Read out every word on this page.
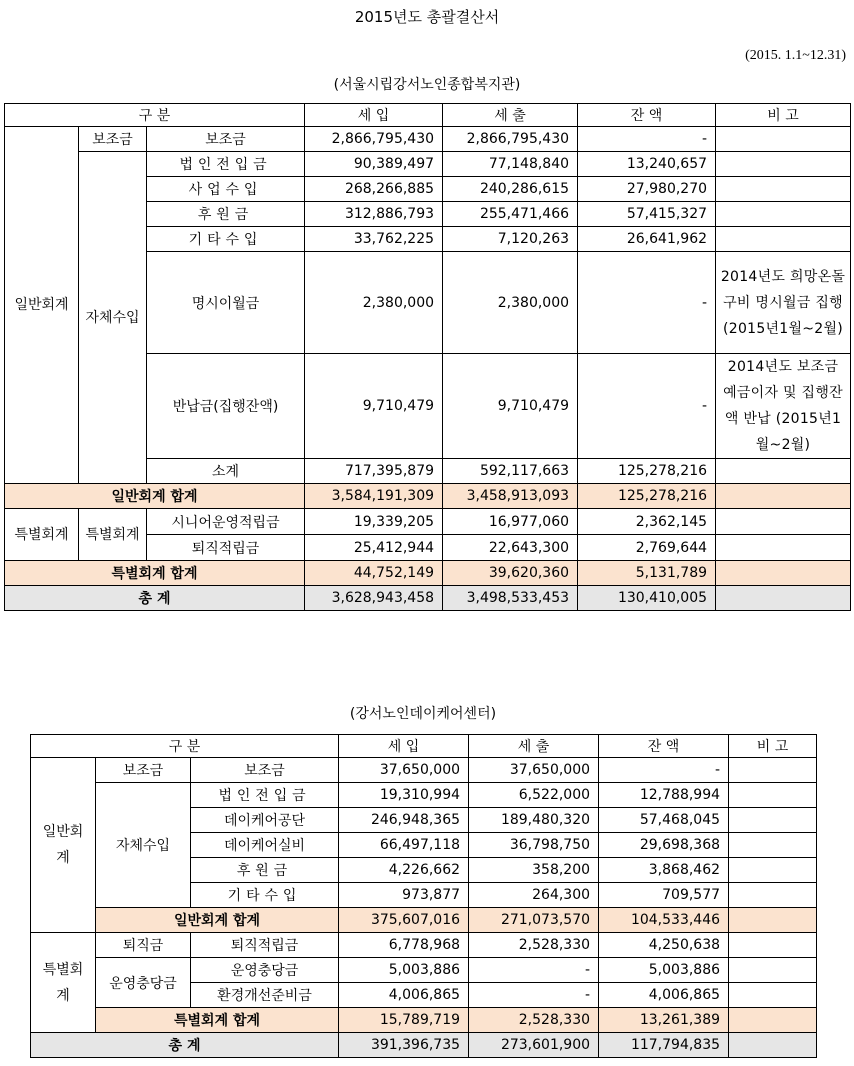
2015년도 총괄결산서
(2015. 1.1~12.31)
(서울시립강서노인종합복지관)
구 분			세 입	세 출	잔 액	비 고
일반회계	보조금	보조금	2,866,795,430	2,866,795,430	-	
	자체수입	법인전입금	90,389,497	77,148,840	13,240,657	
		사업수입	268,266,885	240,286,615	27,980,270	
		후원금	312,886,793	255,471,466	57,415,327	
		기타수입	33,762,225	7,120,263	26,641,962	
		명시이월금	2,380,000	2,380,000	-	2014년도 희망온돌구비 명시월금 집행(2015년1월~2월)
		반납금(집행잔액)	9,710,479	9,710,479	-	2014년도 보조금 예금이자 및 집행잔액 반납 (2015년1월~2월)
		소계	717,395,879	592,117,663	125,278,216	
일반회계 합계			3,584,191,309	3,458,913,093	125,278,216	
특별회계	특별회계	시니어운영적립금	19,339,205	16,977,060	2,362,145	
		퇴직적립금	25,412,944	22,643,300	2,769,644	
특별회계 합계			44,752,149	39,620,360	5,131,789	
총 계			3,628,943,458	3,498,533,453	130,410,005	
(강서노인데이케어센터)
구 분			세 입	세 출	잔 액	비 고
일반회계	보조금	보조금	37,650,000	37,650,000	-	
	자체수입	법인전입금	19,310,994	6,522,000	12,788,994	
		데이케어공단	246,948,365	189,480,320	57,468,045	
		데이케어실비	66,497,118	36,798,750	29,698,368	
		후원금	4,226,662	358,200	3,868,462	
		기타수입	973,877	264,300	709,577	
	일반회계 합계		375,607,016	271,073,570	104,533,446	
특별회계	퇴직금	퇴직적립금	6,778,968	2,528,330	4,250,638	
	운영충당금	운영충당금	5,003,886	-	5,003,886	
		환경개선준비금	4,006,865	-	4,006,865	
	특별회계 합계		15,789,719	2,528,330	13,261,389	
총 계			391,396,735	273,601,900	117,794,835	
